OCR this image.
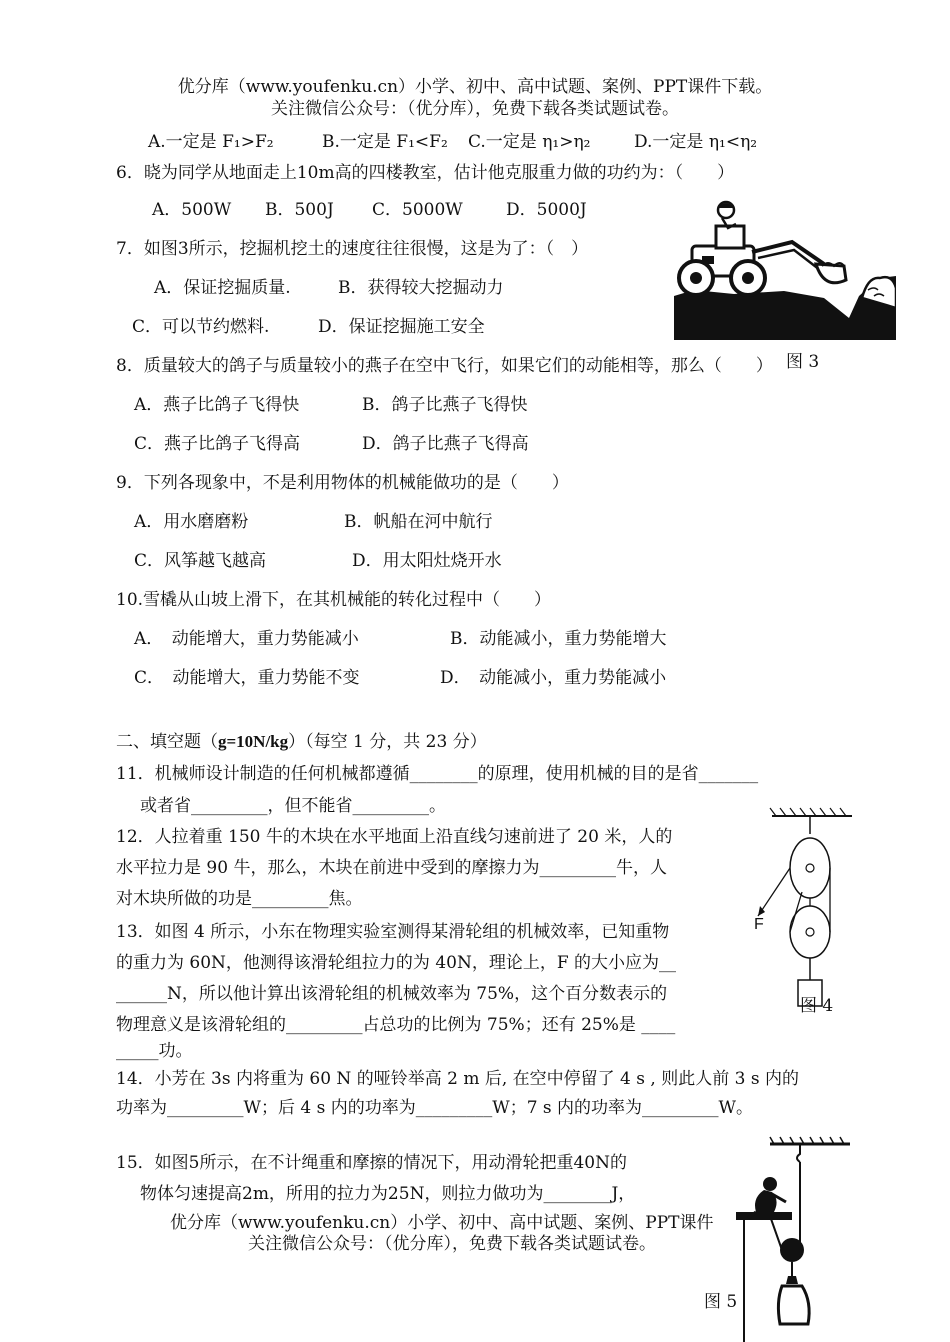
优分库（www.youfenku.cn）小学、初中、高中试题、案例、PPT课件下载。
关注微信公众号：（优分库），免费下载各类试题试卷。
A.一定是 F₁>F₂	B.一定是 F₁<F₂ C.一定是 η₁>η₂	D.一定是 η₁<η₂
6．晓为同学从地面走上10m高的四楼教室，估计他克服重力做的功约为：（　　）
A．500W B．500J C．5000W	D．5000J
7．如图3所示，挖掘机挖土的速度往往很慢，这是为了：（　）
A．保证挖掘质量.	B．获得较大挖掘动力
C．可以节约燃料.	D．保证挖掘施工安全
图 3
8．质量较大的鸽子与质量较小的燕子在空中飞行，如果它们的动能相等，那么（　　）
A．燕子比鸽子飞得快	B．鸽子比燕子飞得快
C．燕子比鸽子飞得高	D．鸽子比燕子飞得高
9．下列各现象中，不是利用物体的机械能做功的是（　　）
A．用水磨磨粉	B．帆船在河中航行
C．风筝越飞越高	D．用太阳灶烧开水
10.雪橇从山坡上滑下，在其机械能的转化过程中（　　）
A．　动能增大，重力势能减小	B．动能减小，重力势能增大
C．　动能增大，重力势能不变	D．　动能减小，重力势能减小
二、填空题（g=10N/kg）（每空 1 分，共 23 分）
11．机械师设计制造的任何机械都遵循________的原理，使用机械的目的是省_______
或者省_________，但不能省_________。
12．人拉着重 150 牛的木块在水平地面上沿直线匀速前进了 20 米，人的
水平拉力是 90 牛，那么，木块在前进中受到的摩擦力为_________牛，人
对木块所做的功是_________焦。
F
图 4
13．如图 4 所示，小东在物理实验室测得某滑轮组的机械效率，已知重物
的重力为 60N，他测得该滑轮组拉力的为 40N，理论上，F 的大小应为__
______N，所以他计算出该滑轮组的机械效率为 75%，这个百分数表示的
物理意义是该滑轮组的_________占总功的比例为 75%；还有 25%是 ____
_____功。
14．小芳在 3s 内将重为 60 N 的哑铃举高 2 m 后, 在空中停留了 4 s , 则此人前 3 s 内的
功率为_________W；后 4 s 内的功率为_________W；7 s 内的功率为_________W。
15．如图5所示，在不计绳重和摩擦的情况下，用动滑轮把重40N的
物体匀速提高2m，所用的拉力为25N，则拉力做功为________J，
优分库（www.youfenku.cn）小学、初中、高中试题、案例、PPT课件
关注微信公众号：（优分库），免费下载各类试题试卷。
图 5
